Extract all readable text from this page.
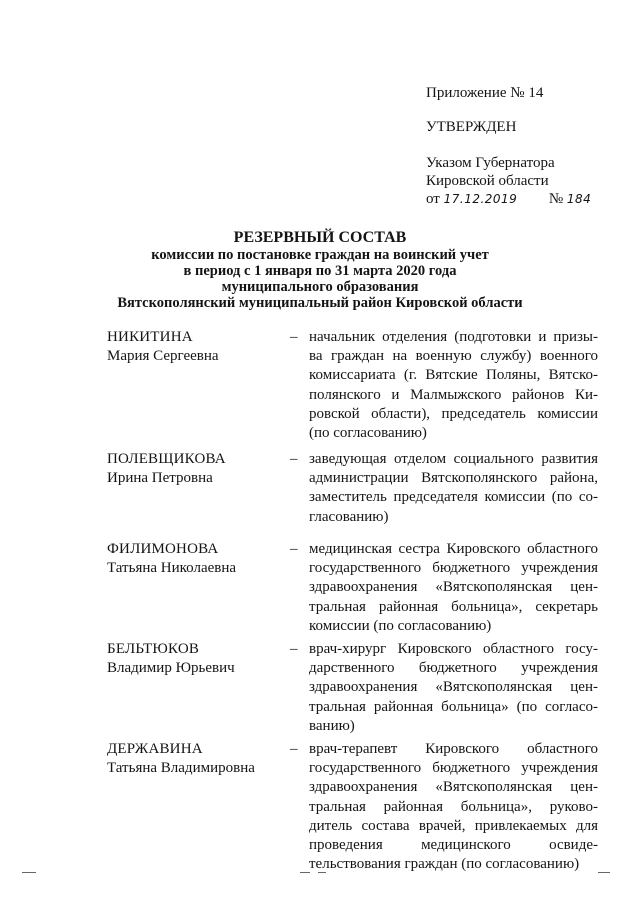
Приложение № 14
УТВЕРЖДЕН
Указом Губернатора
Кировской области
от 17.12.2019 № 184
РЕЗЕРВНЫЙ СОСТАВ
комиссии по постановке граждан на воинский учет
в период с 1 января по 31 марта 2020 года
муниципального образования
Вятскополянский муниципальный район Кировской области
НИКИТИНА
Мария Сергеевна
– начальник отделения (подготовки и призы-
ва граждан на военную службу) военного
комиссариата (г. Вятские Поляны, Вятско-
полянского и Малмыжского районов Ки-
ровской области), председатель комиссии
(по согласованию)
ПОЛЕВЩИКОВА
Ирина Петровна
– заведующая отделом социального развития
администрации Вятскополянского района,
заместитель председателя комиссии (по со-
гласованию)
ФИЛИМОНОВА
Татьяна Николаевна
– медицинская сестра Кировского областного
государственного бюджетного учреждения
здравоохранения «Вятскополянская цен-
тральная районная больница», секретарь
комиссии (по согласованию)
БЕЛЬТЮКОВ
Владимир Юрьевич
– врач-хирург Кировского областного госу-
дарственного бюджетного учреждения
здравоохранения «Вятскополянская цен-
тральная районная больница» (по согласо-
ванию)
ДЕРЖАВИНА
Татьяна Владимировна
– врач-терапевт Кировского областного
государственного бюджетного учреждения
здравоохранения «Вятскополянская цен-
тральная районная больница», руково-
дитель состава врачей, привлекаемых для
проведения медицинского освиде-
тельствования граждан (по согласованию)
